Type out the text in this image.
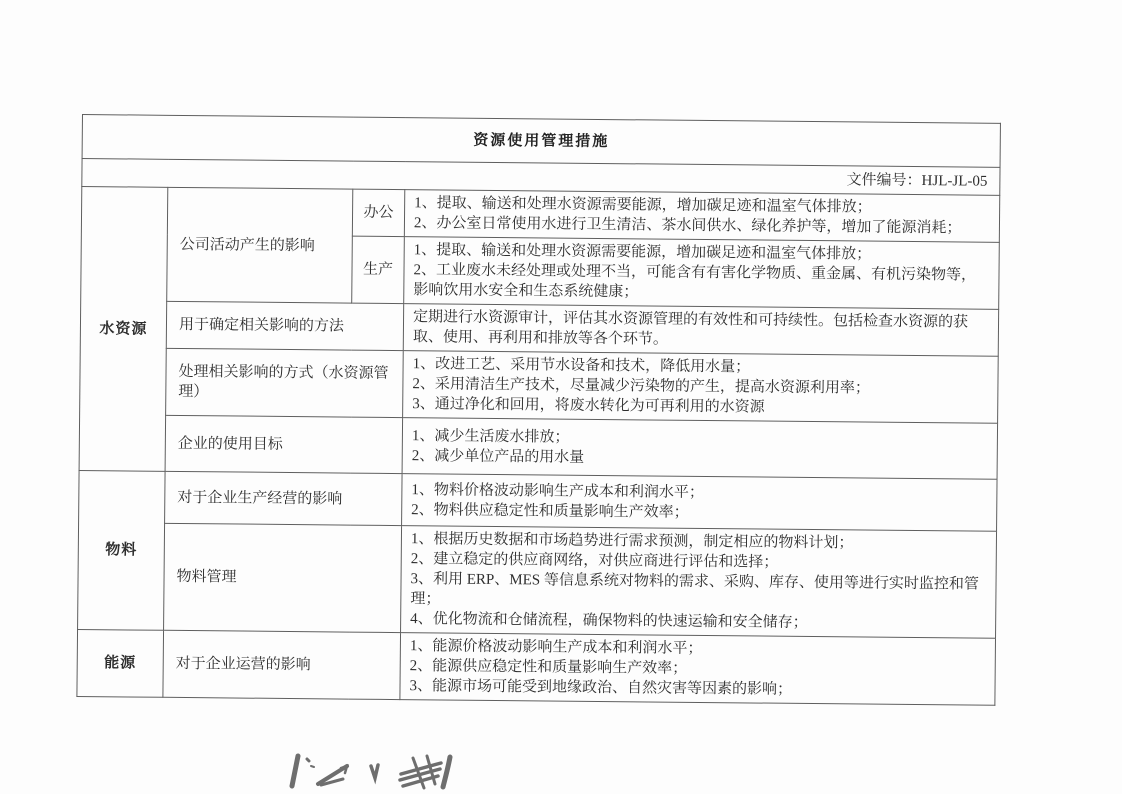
资源使用管理措施			
文件编号：HJL-JL-05			
水资源	公司活动产生的影响	办公	1、提取、输送和处理水资源需要能源，增加碳足迹和温室气体排放；
2、办公室日常使用水进行卫生清洁、茶水间供水、绿化养护等，增加了能源消耗；
		生产	1、提取、输送和处理水资源需要能源，增加碳足迹和温室气体排放；
2、工业废水未经处理或处理不当，可能含有有害化学物质、重金属、有机污染物等，影响饮用水安全和生态系统健康；
	用于确定相关影响的方法		定期进行水资源审计，评估其水资源管理的有效性和可持续性。包括检查水资源的获取、使用、再利用和排放等各个环节。
	处理相关影响的方式（水资源管理）		1、改进工艺、采用节水设备和技术，降低用水量；
2、采用清洁生产技术，尽量减少污染物的产生，提高水资源利用率；
3、通过净化和回用，将废水转化为可再利用的水资源
	企业的使用目标		1、减少生活废水排放；
2、减少单位产品的用水量
物料	对于企业生产经营的影响		1、物料价格波动影响生产成本和利润水平；
2、物料供应稳定性和质量影响生产效率；
	物料管理		1、根据历史数据和市场趋势进行需求预测，制定相应的物料计划；
2、建立稳定的供应商网络，对供应商进行评估和选择；
3、利用 ERP、MES 等信息系统对物料的需求、采购、库存、使用等进行实时监控和管理；
4、优化物流和仓储流程，确保物料的快速运输和安全储存；
能源	对于企业运营的影响		1、能源价格波动影响生产成本和利润水平；
2、能源供应稳定性和质量影响生产效率；
3、能源市场可能受到地缘政治、自然灾害等因素的影响；
